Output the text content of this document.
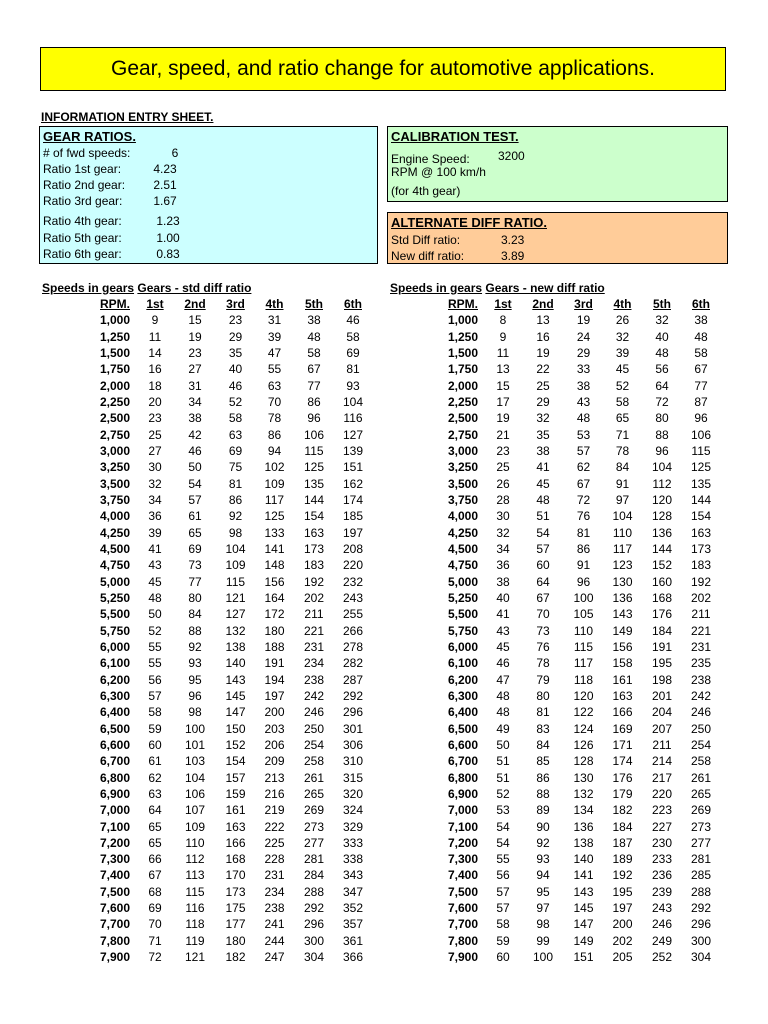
Gear, speed, and ratio change for automotive applications.
INFORMATION ENTRY SHEET.
GEAR RATIOS.
# of fwd speeds:	6
Ratio 1st gear:	4.23
Ratio 2nd gear:	2.51
Ratio 3rd gear:	1.67
Ratio 4th gear:	1.23
Ratio 5th gear:	1.00
Ratio 6th gear:	0.83
CALIBRATION TEST.
Engine Speed: 3200
RPM @ 100 km/h
(for 4th gear)
ALTERNATE DIFF RATIO.
Std Diff ratio:	3.23
New diff ratio:	3.89
Speeds in gears Gears - std diff ratio	Speeds in gears Gears - new diff ratio
RPM.	1st	2nd	3rd	4th	5th	6th
1,000	9	15	23	31	38	46
1,250	11	19	29	39	48	58
1,500	14	23	35	47	58	69
1,750	16	27	40	55	67	81
2,000	18	31	46	63	77	93
2,250	20	34	52	70	86	104
2,500	23	38	58	78	96	116
2,750	25	42	63	86	106	127
3,000	27	46	69	94	115	139
3,250	30	50	75	102	125	151
3,500	32	54	81	109	135	162
3,750	34	57	86	117	144	174
4,000	36	61	92	125	154	185
4,250	39	65	98	133	163	197
4,500	41	69	104	141	173	208
4,750	43	73	109	148	183	220
5,000	45	77	115	156	192	232
5,250	48	80	121	164	202	243
5,500	50	84	127	172	211	255
5,750	52	88	132	180	221	266
6,000	55	92	138	188	231	278
6,100	55	93	140	191	234	282
6,200	56	95	143	194	238	287
6,300	57	96	145	197	242	292
6,400	58	98	147	200	246	296
6,500	59	100	150	203	250	301
6,600	60	101	152	206	254	306
6,700	61	103	154	209	258	310
6,800	62	104	157	213	261	315
6,900	63	106	159	216	265	320
7,000	64	107	161	219	269	324
7,100	65	109	163	222	273	329
7,200	65	110	166	225	277	333
7,300	66	112	168	228	281	338
7,400	67	113	170	231	284	343
7,500	68	115	173	234	288	347
7,600	69	116	175	238	292	352
7,700	70	118	177	241	296	357
7,800	71	119	180	244	300	361
7,900	72	121	182	247	304	366
RPM.	1st	2nd	3rd	4th	5th	6th
1,000	8	13	19	26	32	38
1,250	9	16	24	32	40	48
1,500	11	19	29	39	48	58
1,750	13	22	33	45	56	67
2,000	15	25	38	52	64	77
2,250	17	29	43	58	72	87
2,500	19	32	48	65	80	96
2,750	21	35	53	71	88	106
3,000	23	38	57	78	96	115
3,250	25	41	62	84	104	125
3,500	26	45	67	91	112	135
3,750	28	48	72	97	120	144
4,000	30	51	76	104	128	154
4,250	32	54	81	110	136	163
4,500	34	57	86	117	144	173
4,750	36	60	91	123	152	183
5,000	38	64	96	130	160	192
5,250	40	67	100	136	168	202
5,500	41	70	105	143	176	211
5,750	43	73	110	149	184	221
6,000	45	76	115	156	191	231
6,100	46	78	117	158	195	235
6,200	47	79	118	161	198	238
6,300	48	80	120	163	201	242
6,400	48	81	122	166	204	246
6,500	49	83	124	169	207	250
6,600	50	84	126	171	211	254
6,700	51	85	128	174	214	258
6,800	51	86	130	176	217	261
6,900	52	88	132	179	220	265
7,000	53	89	134	182	223	269
7,100	54	90	136	184	227	273
7,200	54	92	138	187	230	277
7,300	55	93	140	189	233	281
7,400	56	94	141	192	236	285
7,500	57	95	143	195	239	288
7,600	57	97	145	197	243	292
7,700	58	98	147	200	246	296
7,800	59	99	149	202	249	300
7,900	60	100	151	205	252	304
